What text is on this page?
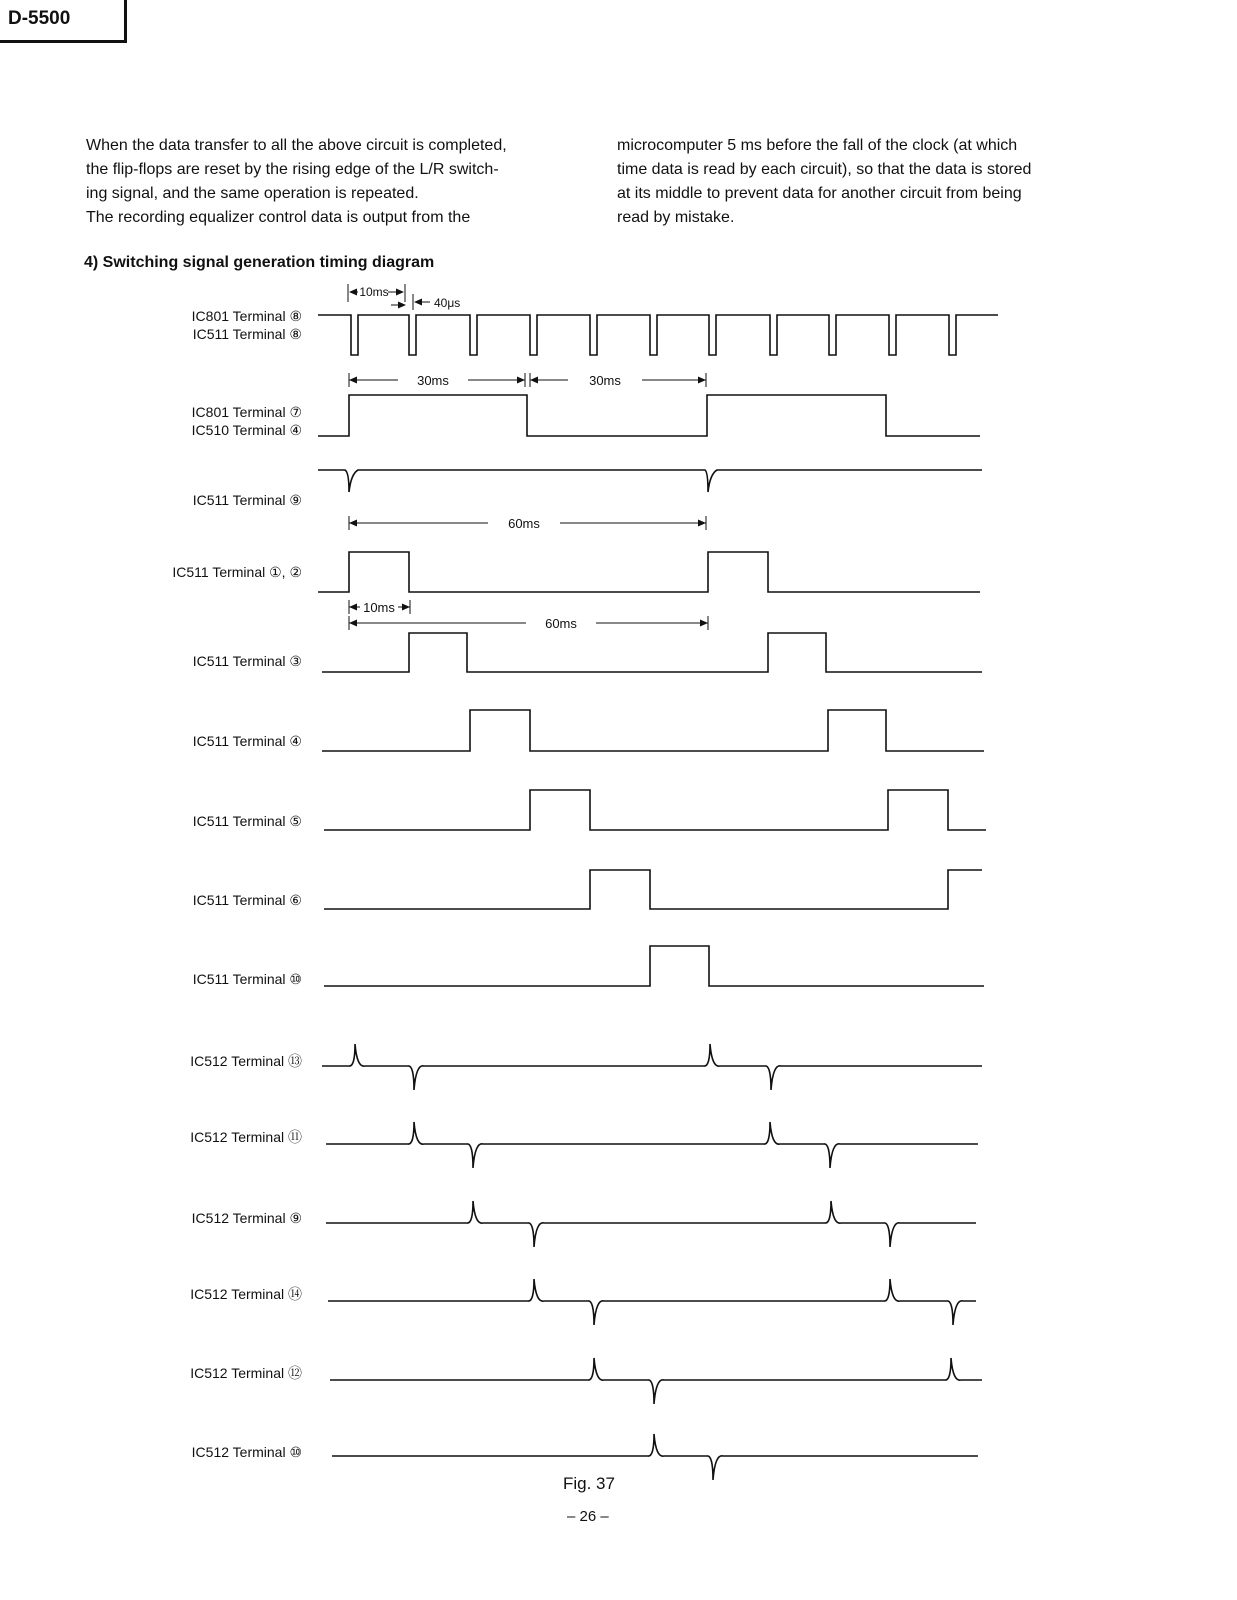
D-5500

When the data transfer to all the above circuit is completed,
the flip-flops are reset by the rising edge of the L/R switch-
ing signal, and the same operation is repeated.
The recording equalizer control data is output from the

microcomputer 5 ms before the fall of the clock (at which
time data is read by each circuit), so that the data is stored
at its middle to prevent data for another circuit from being
read by mistake.

4) Switching signal generation timing diagram
IC801 Terminal ⑧
IC511 Terminal ⑧
IC801 Terminal ⑦
IC510 Terminal ④
IC511 Terminal ⑨
IC511 Terminal ①, ②
IC511 Terminal ③
IC511 Terminal ④
IC511 Terminal ⑤
IC511 Terminal ⑥
IC511 Terminal ⑩
IC512 Terminal ⑬
IC512 Terminal ⑪
IC512 Terminal ⑨
IC512 Terminal ⑭
IC512 Terminal ⑫
IC512 Terminal ⑩
10ms
40μs
30ms	30ms
60ms
10ms
60ms
Fig. 37
– 26 –
